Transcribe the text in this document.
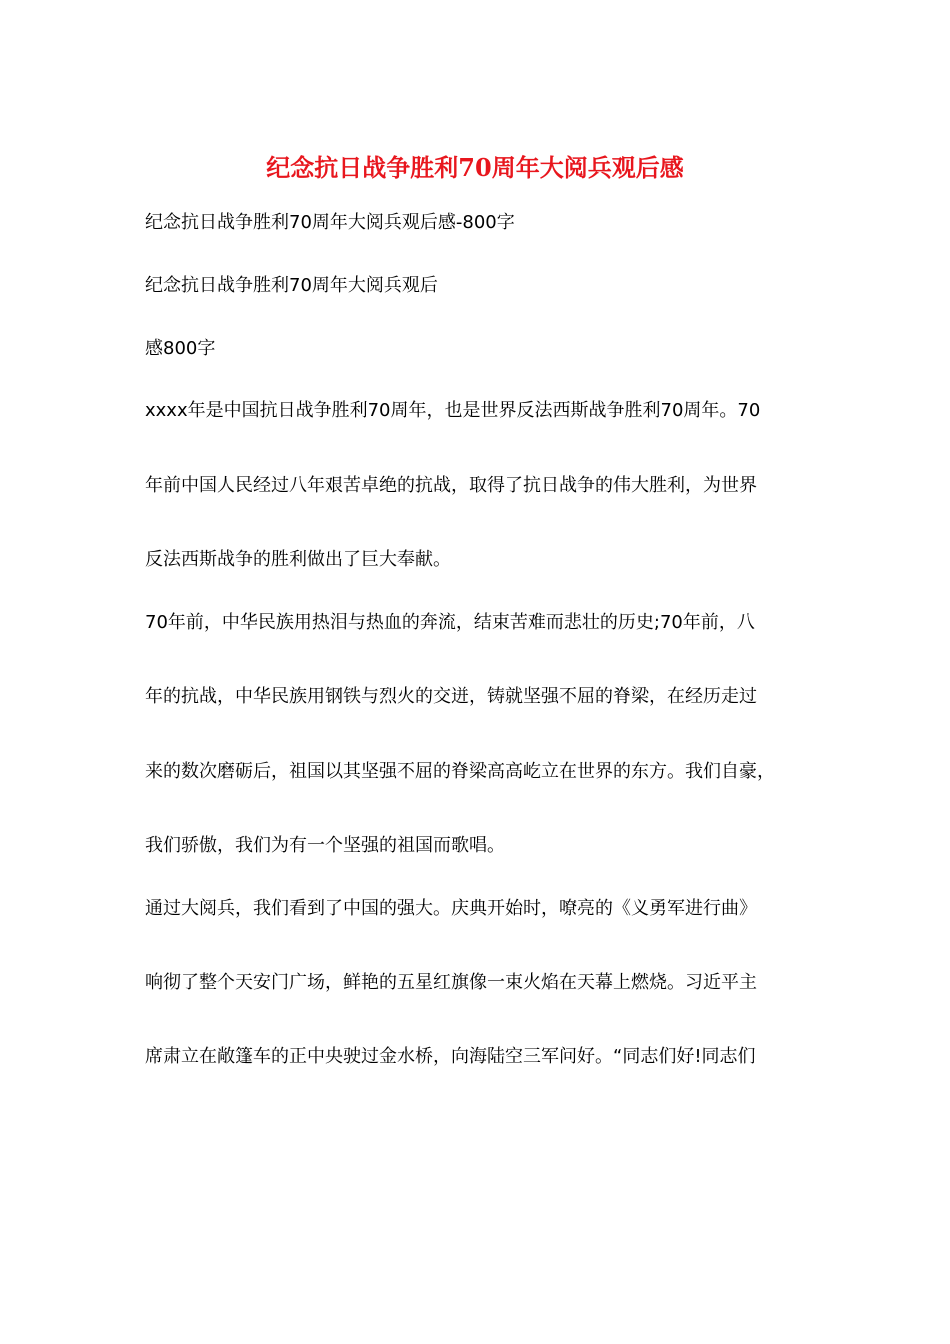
纪念抗日战争胜利70周年大阅兵观后感

纪念抗日战争胜利70周年大阅兵观后感-800字

纪念抗日战争胜利70周年大阅兵观后

感800字

xxxx年是中国抗日战争胜利70周年，也是世界反法西斯战争胜利70周年。70

年前中国人民经过八年艰苦卓绝的抗战，取得了抗日战争的伟大胜利，为世界

反法西斯战争的胜利做出了巨大奉献。

70年前，中华民族用热泪与热血的奔流，结束苦难而悲壮的历史;70年前，八

年的抗战，中华民族用钢铁与烈火的交迸，铸就坚强不屈的脊梁，在经历走过

来的数次磨砺后，祖国以其坚强不屈的脊梁高高屹立在世界的东方。我们自豪，

我们骄傲，我们为有一个坚强的祖国而歌唱。

通过大阅兵，我们看到了中国的强大。庆典开始时，嘹亮的《义勇军进行曲》

响彻了整个天安门广场，鲜艳的五星红旗像一束火焰在天幕上燃烧。习近平主

席肃立在敞篷车的正中央驶过金水桥，向海陆空三军问好。“同志们好!同志们
